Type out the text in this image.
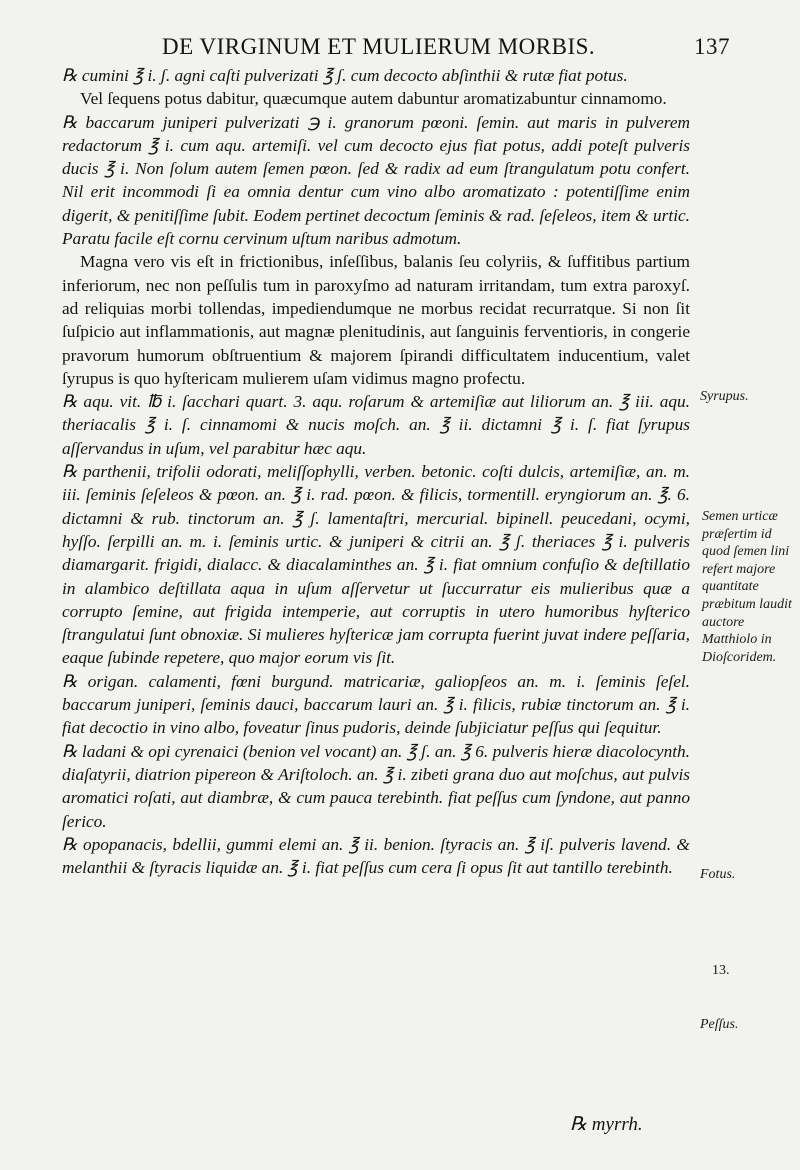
DE VIRGINUM ET MULIERUM MORBIS.	137

℞ cumini ℥ i. ʃ. agni caſti pulverizati ℥ ʃ. cum decocto abſinthii & rutæ fiat potus.

Vel ſequens potus dabitur, quæcumque autem dabuntur aromatizabuntur cinnamomo.

℞ baccarum juniperi pulverizati ℈ i. granorum pœoni. ſemin. aut maris in pulverem redactorum ℥ i. cum aqu. artemiſi. vel cum decocto ejus fiat potus, addi poteſt pulveris ducis ℥ i. Non ſolum autem ſemen pœon. ſed & radix ad eum ſtrangulatum potu confert. Nil erit incommodi ſi ea omnia dentur cum vino albo aromatizato : potentiſſime enim digerit, & penitiſſime ſubit. Eodem pertinet decoctum ſeminis & rad. ſeſeleos, item & urtic. Paratu facile eſt cornu cervinum uſtum naribus admotum.

Magna vero vis eſt in frictionibus, inſeſſibus, balanis ſeu colyriis, & ſuffitibus partium inferiorum, nec non peſſulis tum in paroxyſmo ad naturam irritandam, tum extra paroxyſ. ad reliquias morbi tollendas, impediendumque ne morbus recidat recurratque. Si non ſit ſuſpicio aut inflammationis, aut magnæ plenitudinis, aut ſanguinis ferventioris, in congerie pravorum humorum obſtruentium & majorem ſpirandi difficultatem inducentium, valet ſyrupus is quo hyſtericam mulierem uſam vidimus magno profectu.

℞ aqu. vit. ℔ i. ſacchari quart. 3. aqu. roſarum & artemiſiæ aut liliorum an. ℥ iii. aqu. theriacalis ℥ i. ſ. cinnamomi & nucis moſch. an. ℥ ii. dictamni ℥ i. ſ. fiat ſyrupus aſſervandus in uſum, vel parabitur hæc aqu.

℞ parthenii, trifolii odorati, meliſſophylli, verben. betonic. coſti dulcis, artemiſiæ, an. m. iii. ſeminis ſeſeleos & pœon. an. ℥ i. rad. pœon. & filicis, tormentill. eryngiorum an. ℥. 6. dictamni & rub. tinctorum an. ℥ ʃ. lamentaſtri, mercurial. bipinell. peucedani, ocymi, hyſſo. ſerpilli an. m. i. ſeminis urtic. & juniperi & citrii an. ℥ ʃ. theriaces ℥ i. pulveris diamargarit. frigidi, dialacc. & diacalaminthes an. ℥ i. fiat omnium confuſio & deſtillatio in alambico deſtillata aqua in uſum aſſervetur ut ſuccurratur eis mulieribus quæ a corrupto ſemine, aut frigida intemperie, aut corruptis in utero humoribus hyſterico ſtrangulatui ſunt obnoxiæ. Si mulieres hyſtericæ jam corrupta fuerint juvat indere peſſaria, eaque ſubinde repetere, quo major eorum vis ſit.

℞ origan. calamenti, fœni burgund. matricariæ, galiopſeos an. m. i. ſeminis ſeſel. baccarum juniperi, ſeminis dauci, baccarum lauri an. ℥ i. filicis, rubiæ tinctorum an. ℥ i. fiat decoctio in vino albo, foveatur ſinus pudoris, deinde ſubjiciatur peſſus qui ſequitur.

℞ ladani & opi cyrenaici (benion vel vocant) an. ℥ ʃ. an. ℥ 6. pulveris hieræ diacolocynth. diaſatyrii, diatrion pipereon & Ariſtoloch. an. ℥ i. zibeti grana duo aut moſchus, aut pulvis aromatici roſati, aut diambræ, & cum pauca terebinth. fiat peſſus cum ſyndone, aut panno ſerico.

℞ opopanacis, bdellii, gummi elemi an. ℥ ii. benion. ſtyracis an. ℥ iſ. pulveris lavend. & melanthii & ſtyracis liquidæ an. ℥ i. fiat peſſus cum cera ſi opus ſit aut tantillo terebinth.

Syrupus.
Semen urticæ præſertim id quod ſemen lini refert majore quantitate præbitum laudit auctore Matthiolo in Dioſcoridem.
Fotus.
13.
Peſſus.
℞ myrrh.
